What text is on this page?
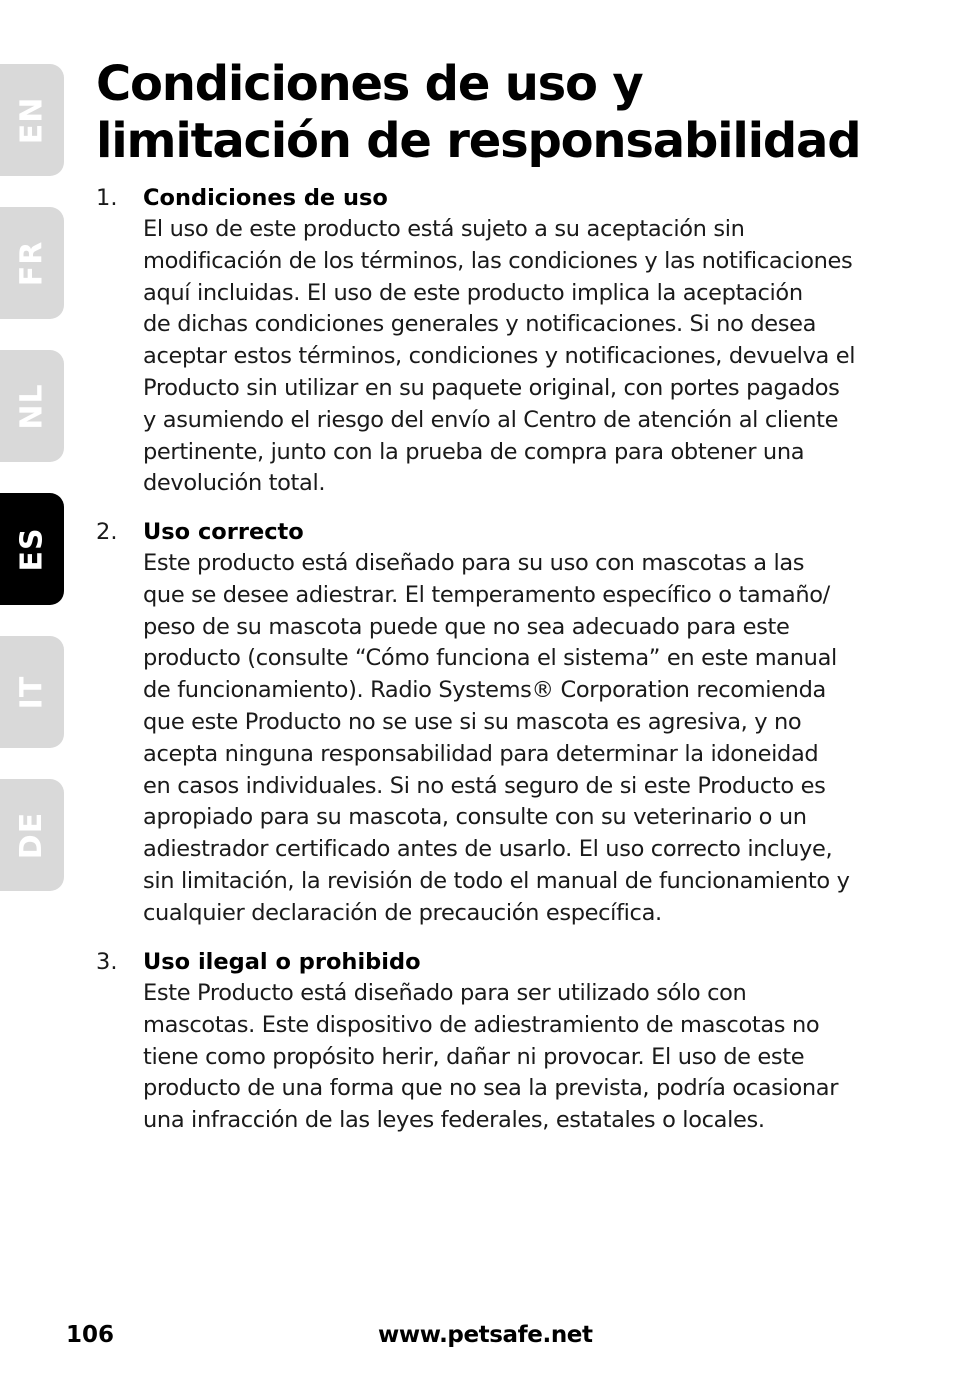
EN
FR
NL
ES
IT
DE
Condiciones de uso y
limitación de responsabilidad
1. Condiciones de uso
El uso de este producto está sujeto a su aceptación sin
modificación de los términos, las condiciones y las notificaciones
aquí incluidas. El uso de este producto implica la aceptación
de dichas condiciones generales y notificaciones. Si no desea
aceptar estos términos, condiciones y notificaciones, devuelva el
Producto sin utilizar en su paquete original, con portes pagados
y asumiendo el riesgo del envío al Centro de atención al cliente
pertinente, junto con la prueba de compra para obtener una
devolución total.
2. Uso correcto
Este producto está diseñado para su uso con mascotas a las
que se desee adiestrar. El temperamento específico o tamaño/
peso de su mascota puede que no sea adecuado para este
producto (consulte “Cómo funciona el sistema” en este manual
de funcionamiento). Radio Systems® Corporation recomienda
que este Producto no se use si su mascota es agresiva, y no
acepta ninguna responsabilidad para determinar la idoneidad
en casos individuales. Si no está seguro de si este Producto es
apropiado para su mascota, consulte con su veterinario o un
adiestrador certificado antes de usarlo. El uso correcto incluye,
sin limitación, la revisión de todo el manual de funcionamiento y
cualquier declaración de precaución específica.
3. Uso ilegal o prohibido
Este Producto está diseñado para ser utilizado sólo con
mascotas. Este dispositivo de adiestramiento de mascotas no
tiene como propósito herir, dañar ni provocar. El uso de este
producto de una forma que no sea la prevista, podría ocasionar
una infracción de las leyes federales, estatales o locales.
106	www.petsafe.net
